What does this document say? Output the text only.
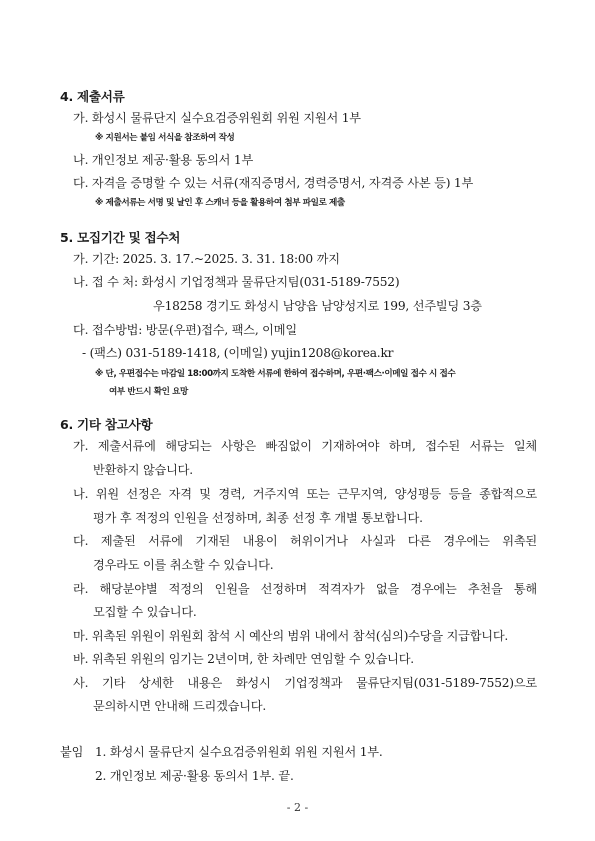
4. 제출서류
가. 화성시 물류단지 실수요검증위원회 위원 지원서 1부
※ 지원서는 붙임 서식을 참조하여 작성
나. 개인정보 제공·활용 동의서 1부
다. 자격을 증명할 수 있는 서류(재직증명서, 경력증명서, 자격증 사본 등) 1부
※ 제출서류는 서명 및 날인 후 스캐너 등을 활용하여 첨부 파일로 제출
5. 모집기간 및 접수처
가. 기간: 2025. 3. 17.~2025. 3. 31. 18:00 까지
나. 접 수 처: 화성시 기업정책과 물류단지팀(031-5189-7552)
우18258 경기도 화성시 남양읍 남양성지로 199, 선주빌딩 3층
다. 접수방법: 방문(우편)접수, 팩스, 이메일
- (팩스) 031-5189-1418, (이메일) yujin1208@korea.kr
※ 단, 우편접수는 마감일 18:00까지 도착한 서류에 한하여 접수하며, 우편·팩스·이메일 접수 시 접수
여부 반드시 확인 요망
6. 기타 참고사항
가. 제출서류에 해당되는 사항은 빠짐없이 기재하여야 하며, 접수된 서류는 일체
반환하지 않습니다.
나. 위원 선정은 자격 및 경력, 거주지역 또는 근무지역, 양성평등 등을 종합적으로
평가 후 적정의 인원을 선정하며, 최종 선정 후 개별 통보합니다.
다. 제출된 서류에 기재된 내용이 허위이거나 사실과 다른 경우에는 위촉된
경우라도 이를 취소할 수 있습니다.
라. 해당분야별 적정의 인원을 선정하며 적격자가 없을 경우에는 추천을 통해
모집할 수 있습니다.
마. 위촉된 위원이 위원회 참석 시 예산의 범위 내에서 참석(심의)수당을 지급합니다.
바. 위촉된 위원의 임기는 2년이며, 한 차례만 연임할 수 있습니다.
사. 기타 상세한 내용은 화성시 기업정책과 물류단지팀(031-5189-7552)으로
문의하시면 안내해 드리겠습니다.
붙임 1. 화성시 물류단지 실수요검증위원회 위원 지원서 1부.
2. 개인정보 제공·활용 동의서 1부. 끝.
- 2 -
